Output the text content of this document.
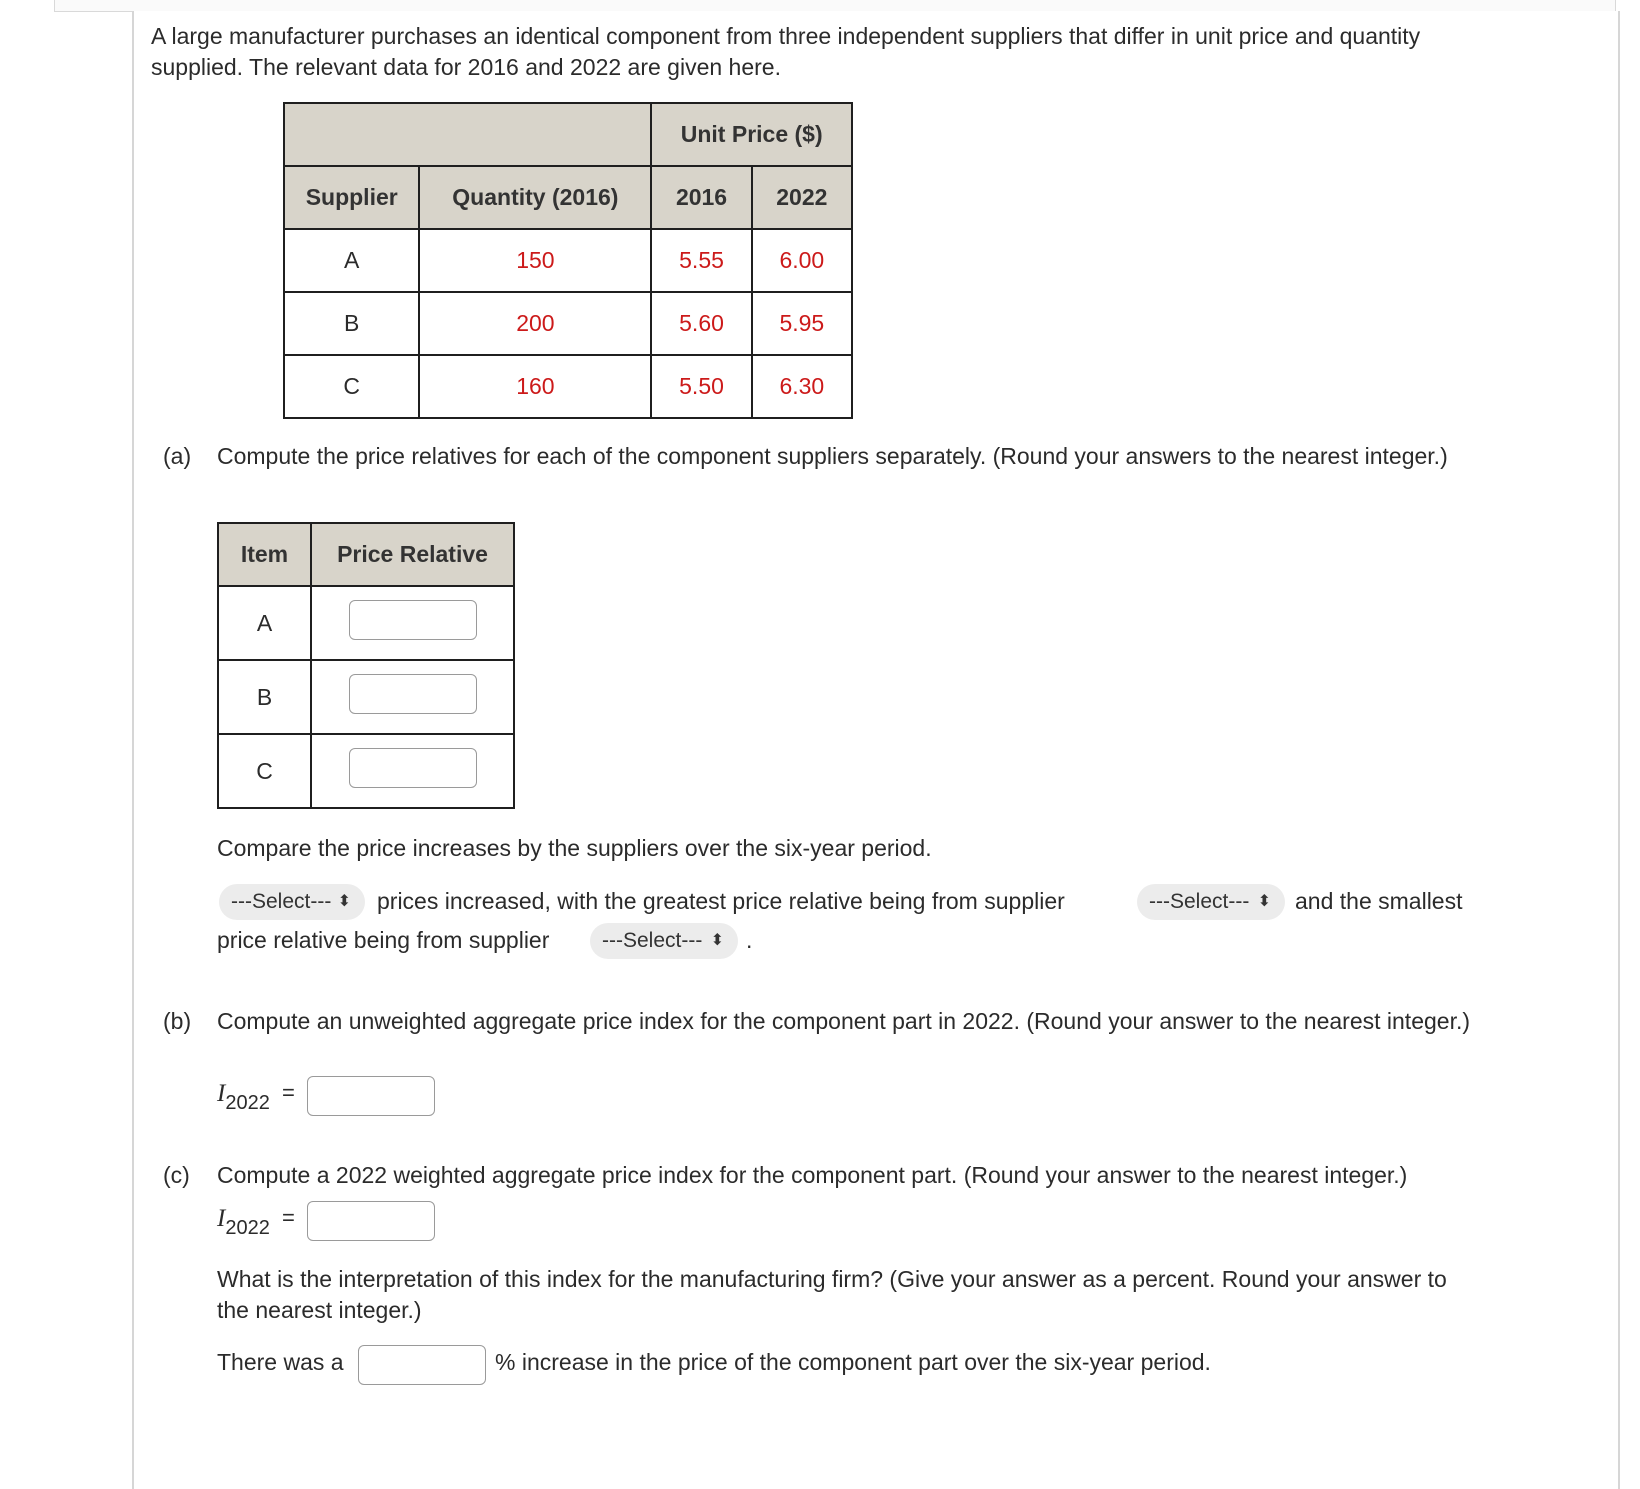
A large manufacturer purchases an identical component from three independent suppliers that differ in unit price and quantity supplied. The relevant data for 2016 and 2022 are given here.
		Unit Price ($)	
Supplier	Quantity (2016)	2016	2022
A	150	5.55	6.00
B	200	5.60	5.95
C	160	5.50	6.30
(a) Compute the price relatives for each of the component suppliers separately. (Round your answers to the nearest integer.)
Item	Price Relative
A	
B	
C	
Compare the price increases by the suppliers over the six-year period.
---Select--- ⬍ prices increased, with the greatest price relative being from supplier	---Select--- ⬍ and the smallest
price relative being from supplier	---Select--- ⬍ .
(b) Compute an unweighted aggregate price index for the component part in 2022. (Round your answer to the nearest integer.)
I2022 =
(c) Compute a 2022 weighted aggregate price index for the component part. (Round your answer to the nearest integer.)
I2022 =
What is the interpretation of this index for the manufacturing firm? (Give your answer as a percent. Round your answer to the nearest integer.)
There was a	% increase in the price of the component part over the six-year period.
